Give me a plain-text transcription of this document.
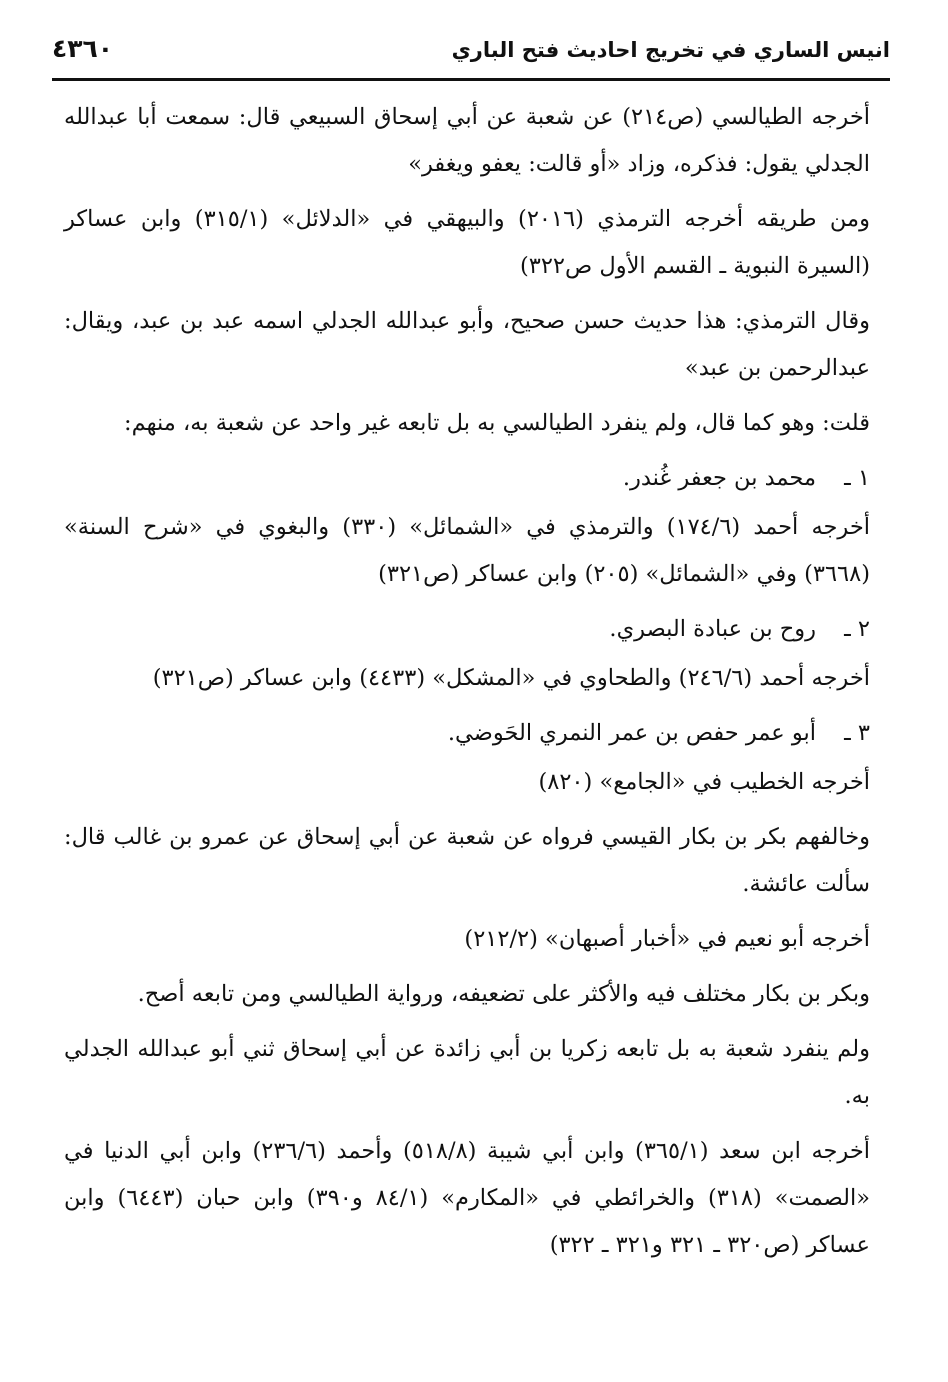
انيس الساري في تخريج احاديث فتح الباري
٤٣٦٠

أخرجه الطيالسي (ص٢١٤) عن شعبة عن أبي إسحاق السبيعي قال: سمعت أبا عبدالله الجدلي يقول: فذكره، وزاد «أو قالت: يعفو ويغفر»

ومن طريقه أخرجه الترمذي (٢٠١٦) والبيهقي في «الدلائل» (٣١٥/١) وابن عساكر (السيرة النبوية ـ القسم الأول ص٣٢٢)

وقال الترمذي: هذا حديث حسن صحيح، وأبو عبدالله الجدلي اسمه عبد بن عبد، ويقال: عبدالرحمن بن عبد»

قلت: وهو كما قال، ولم ينفرد الطيالسي به بل تابعه غير واحد عن شعبة به، منهم:

١ ـ
محمد بن جعفر غُندر.

أخرجه أحمد (١٧٤/٦) والترمذي في «الشمائل» (٣٣٠) والبغوي في «شرح السنة» (٣٦٦٨) وفي «الشمائل» (٢٠٥) وابن عساكر (ص٣٢١)

٢ ـ
روح بن عبادة البصري.

أخرجه أحمد (٢٤٦/٦) والطحاوي في «المشكل» (٤٤٣٣) وابن عساكر (ص٣٢١)

٣ ـ
أبو عمر حفص بن عمر النمري الحَوضي.

أخرجه الخطيب في «الجامع» (٨٢٠)

وخالفهم بكر بن بكار القيسي فرواه عن شعبة عن أبي إسحاق عن عمرو بن غالب قال: سألت عائشة.

أخرجه أبو نعيم في «أخبار أصبهان» (٢١٢/٢)

وبكر بن بكار مختلف فيه والأكثر على تضعيفه، ورواية الطيالسي ومن تابعه أصح.

ولم ينفرد شعبة به بل تابعه زكريا بن أبي زائدة عن أبي إسحاق ثني أبو عبدالله الجدلي به.

أخرجه ابن سعد (٣٦٥/١) وابن أبي شيبة (٥١٨/٨) وأحمد (٢٣٦/٦) وابن أبي الدنيا في «الصمت» (٣١٨) والخرائطي في «المكارم» (٨٤/١ و٣٩٠) وابن حبان (٦٤٤٣) وابن عساكر (ص٣٢٠ ـ ٣٢١ و٣٢١ ـ ٣٢٢)
